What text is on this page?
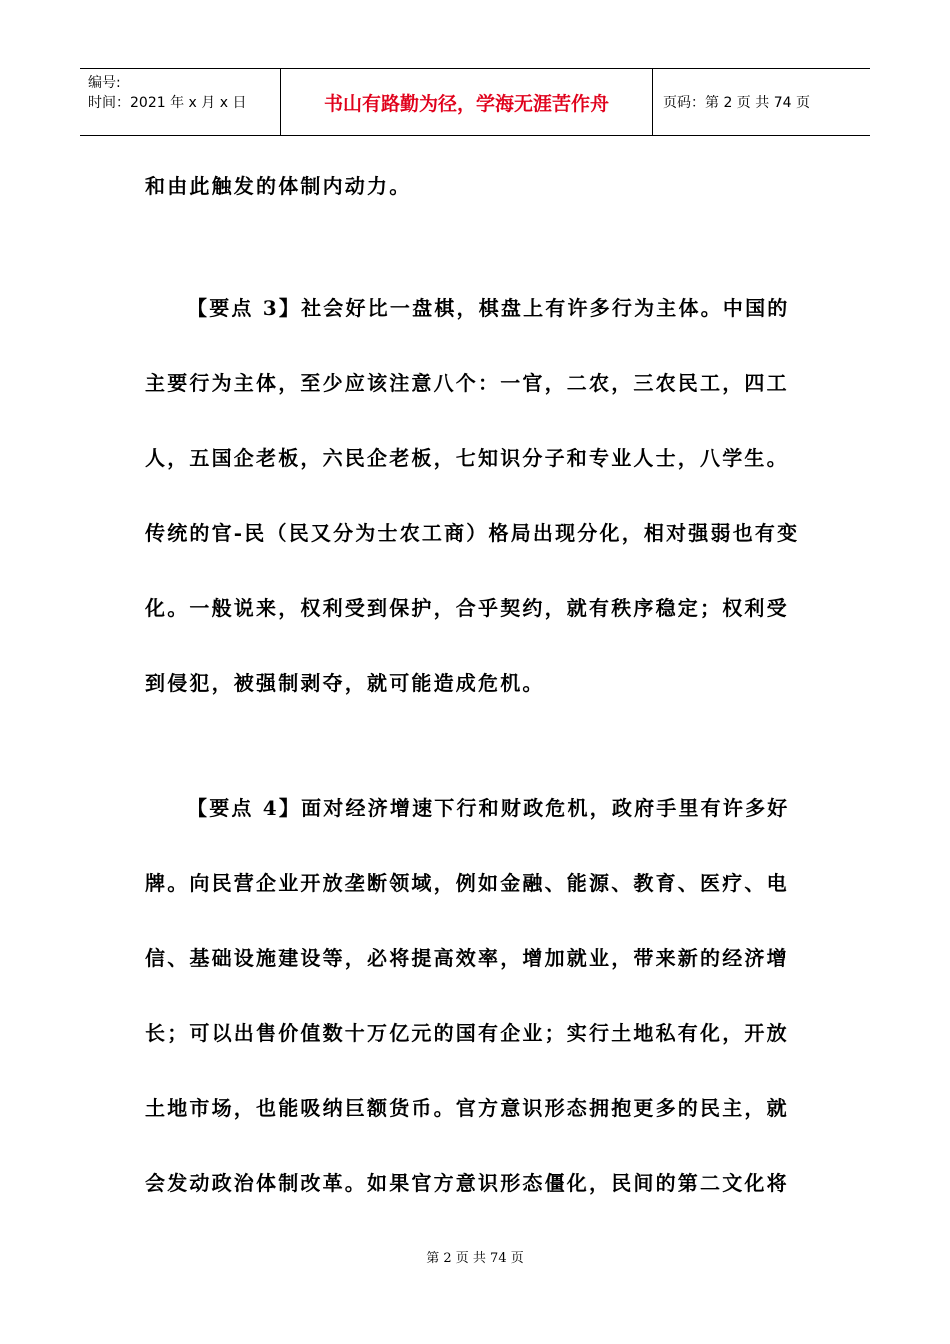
编号:
时间：2021 年 x 月 x 日	书山有路勤为径，学海无涯苦作舟	页码：第 2 页 共 74 页
和由此触发的体制内动力。
【要点 3】社会好比一盘棋，棋盘上有许多行为主体。中国的
主要行为主体，至少应该注意八个：一官，二农，三农民工，四工
人，五国企老板，六民企老板，七知识分子和专业人士，八学生。
传统的官-民（民又分为士农工商）格局出现分化，相对强弱也有变
化。一般说来，权利受到保护，合乎契约，就有秩序稳定；权利受
到侵犯，被强制剥夺，就可能造成危机。
【要点 4】面对经济增速下行和财政危机，政府手里有许多好
牌。向民营企业开放垄断领域，例如金融、能源、教育、医疗、电
信、基础设施建设等，必将提高效率，增加就业，带来新的经济增
长；可以出售价值数十万亿元的国有企业；实行土地私有化，开放
土地市场，也能吸纳巨额货币。官方意识形态拥抱更多的民主，就
会发动政治体制改革。如果官方意识形态僵化，民间的第二文化将
第 2 页 共 74 页
